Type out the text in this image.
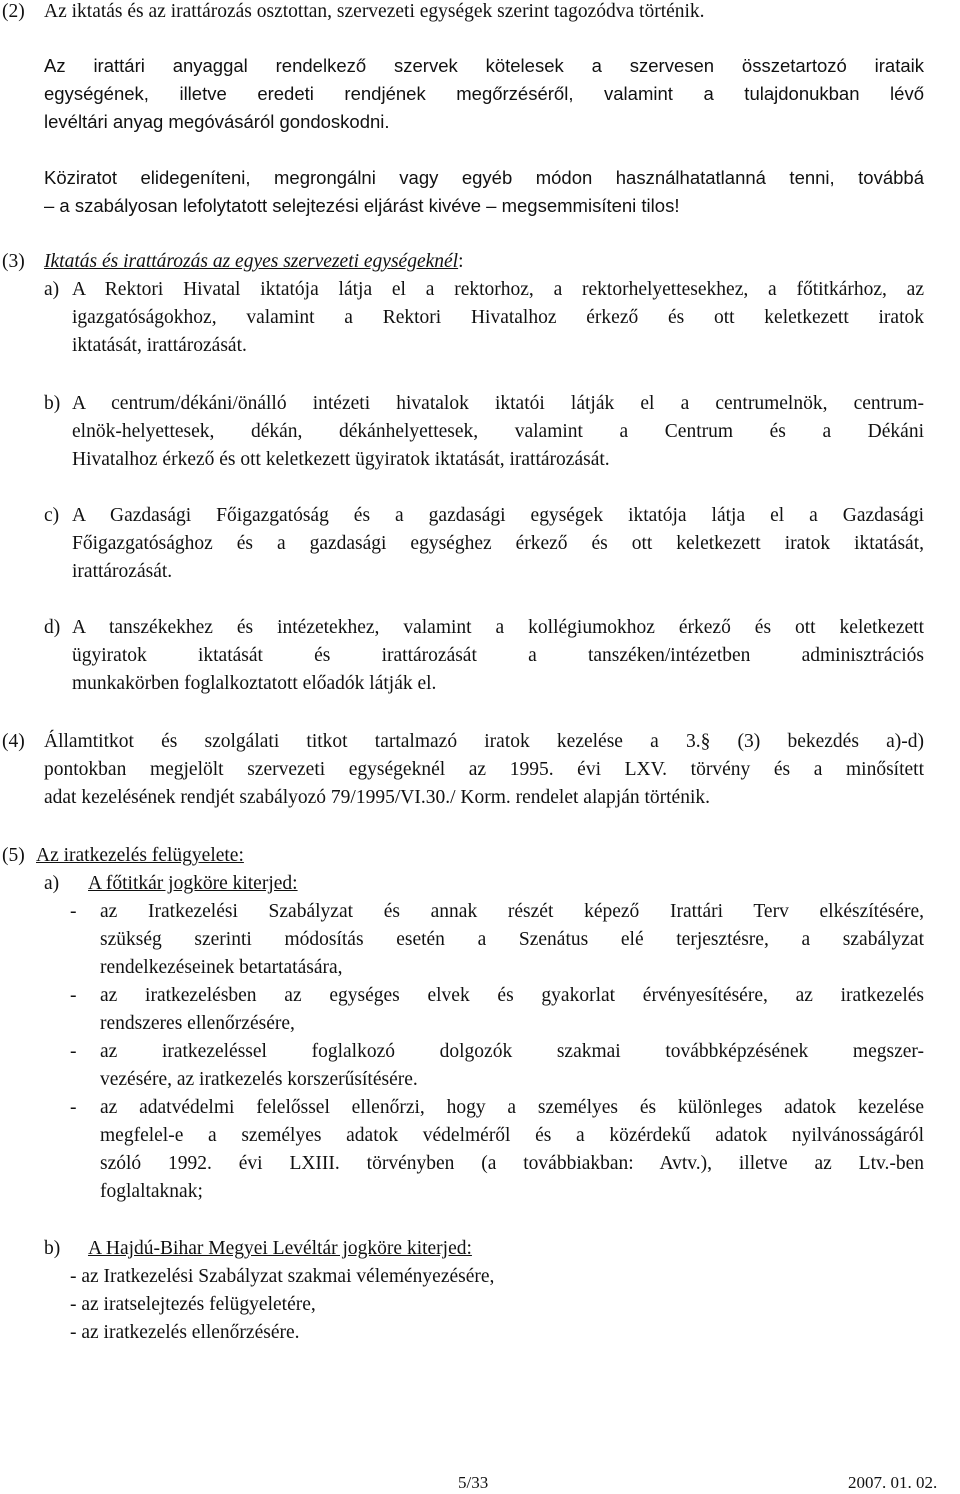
(2) Az iktatás és az irattározás osztottan, szervezeti egységek szerint tagozódva történik.
Az irattári anyaggal rendelkező szervek kötelesek a szervesen összetartozó irataik
egységének, illetve eredeti rendjének megőrzéséről, valamint a tulajdonukban lévő
levéltári anyag megóvásáról gondoskodni.
Köziratot elidegeníteni, megrongálni vagy egyéb módon használhatatlanná tenni, továbbá
– a szabályosan lefolytatott selejtezési eljárást kivéve – megsemmisíteni tilos!
(3) Iktatás és irattározás az egyes szervezeti egységeknél:
a) A Rektori Hivatal iktatója látja el a rektorhoz, a rektorhelyettesekhez, a főtitkárhoz, az
igazgatóságokhoz, valamint a Rektori Hivatalhoz érkező és ott keletkezett iratok
iktatását, irattározását.
b) A centrum/dékáni/önálló intézeti hivatalok iktatói látják el a centrumelnök, centrum-
elnök-helyettesek, dékán, dékánhelyettesek, valamint a Centrum és a Dékáni
Hivatalhoz érkező és ott keletkezett ügyiratok iktatását, irattározását.
c) A Gazdasági Főigazgatóság és a gazdasági egységek iktatója látja el a Gazdasági
Főigazgatósághoz és a gazdasági egységhez érkező és ott keletkezett iratok iktatását,
irattározását.
d) A tanszékekhez és intézetekhez, valamint a kollégiumokhoz érkező és ott keletkezett
ügyiratok iktatását és irattározását a tanszéken/intézetben adminisztrációs
munkakörben foglalkoztatott előadók látják el.
(4) Államtitkot és szolgálati titkot tartalmazó iratok kezelése a 3.§ (3) bekezdés a)-d)
pontokban megjelölt szervezeti egységeknél az 1995. évi LXV. törvény és a minősített
adat kezelésének rendjét szabályozó 79/1995/VI.30./ Korm. rendelet alapján történik.
(5) Az iratkezelés felügyelete:
a) A főtitkár jogköre kiterjed:
- az Iratkezelési Szabályzat és annak részét képező Irattári Terv elkészítésére,
szükség szerinti módosítás esetén a Szenátus elé terjesztésre, a szabályzat
rendelkezéseinek betartatására,
- az iratkezelésben az egységes elvek és gyakorlat érvényesítésére, az iratkezelés
rendszeres ellenőrzésére,
- az iratkezeléssel foglalkozó dolgozók szakmai továbbképzésének megszer-
vezésére, az iratkezelés korszerűsítésére.
- az adatvédelmi felelőssel ellenőrzi, hogy a személyes és különleges adatok kezelése
megfelel-e a személyes adatok védelméről és a közérdekű adatok nyilvánosságáról
szóló 1992. évi LXIII. törvényben (a továbbiakban: Avtv.), illetve az Ltv.-ben
foglaltaknak;
b) A Hajdú-Bihar Megyei Levéltár jogköre kiterjed:
- az Iratkezelési Szabályzat szakmai véleményezésére,
- az iratselejtezés felügyeletére,
- az iratkezelés ellenőrzésére.
5/33	2007. 01. 02.
